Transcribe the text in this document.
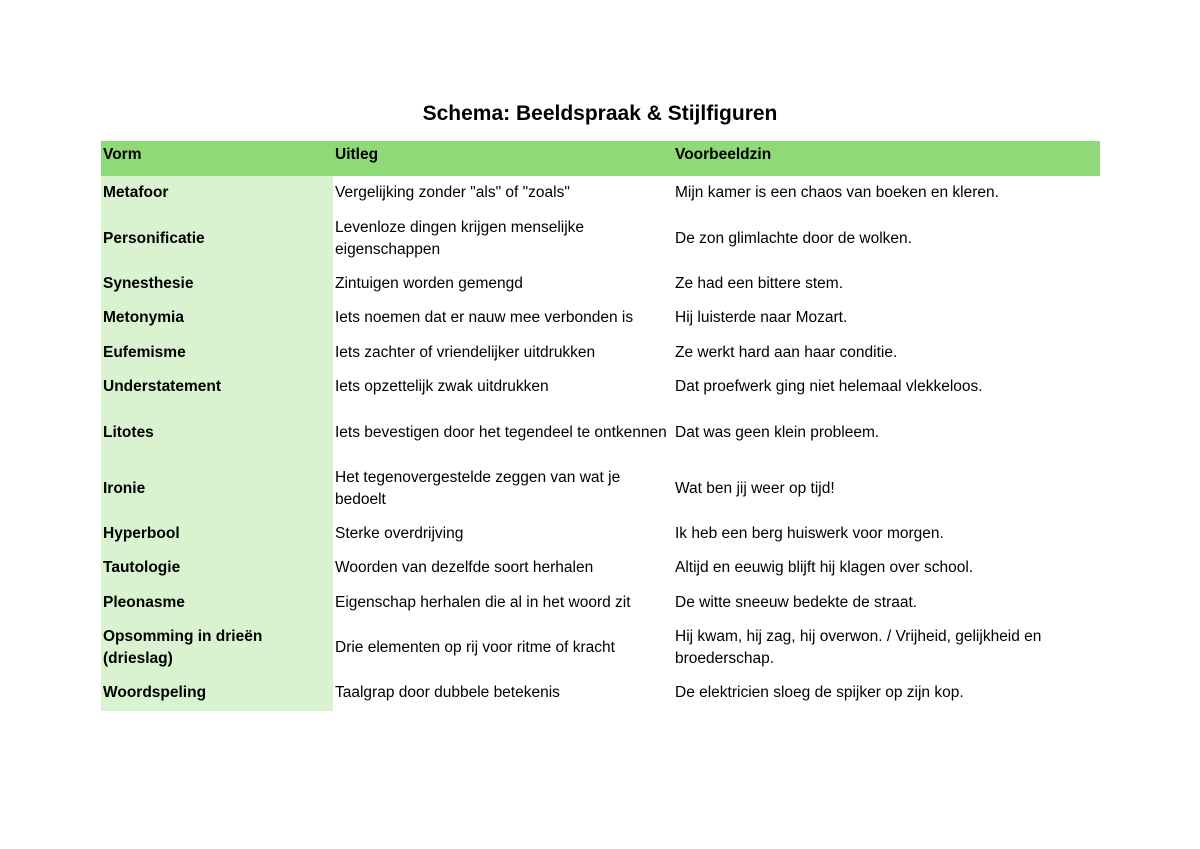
Schema: Beeldspraak & Stijlfiguren
Vorm	Uitleg	Voorbeeldzin
Metafoor	Vergelijking zonder "als" of "zoals"	Mijn kamer is een chaos van boeken en kleren.
Personificatie	Levenloze dingen krijgen menselijke eigenschappen	De zon glimlachte door de wolken.
Synesthesie	Zintuigen worden gemengd	Ze had een bittere stem.
Metonymia	Iets noemen dat er nauw mee verbonden is	Hij luisterde naar Mozart.
Eufemisme	Iets zachter of vriendelijker uitdrukken	Ze werkt hard aan haar conditie.
Understatement	Iets opzettelijk zwak uitdrukken	Dat proefwerk ging niet helemaal vlekkeloos.
Litotes	Iets bevestigen door het tegendeel te ontkennen	Dat was geen klein probleem.
Ironie	Het tegenovergestelde zeggen van wat je bedoelt	Wat ben jij weer op tijd!
Hyperbool	Sterke overdrijving	Ik heb een berg huiswerk voor morgen.
Tautologie	Woorden van dezelfde soort herhalen	Altijd en eeuwig blijft hij klagen over school.
Pleonasme	Eigenschap herhalen die al in het woord zit	De witte sneeuw bedekte de straat.
Opsomming in drieën (drieslag)	Drie elementen op rij voor ritme of kracht	Hij kwam, hij zag, hij overwon. / Vrijheid, gelijkheid en broederschap.
Woordspeling	Taalgrap door dubbele betekenis	De elektricien sloeg de spijker op zijn kop.
